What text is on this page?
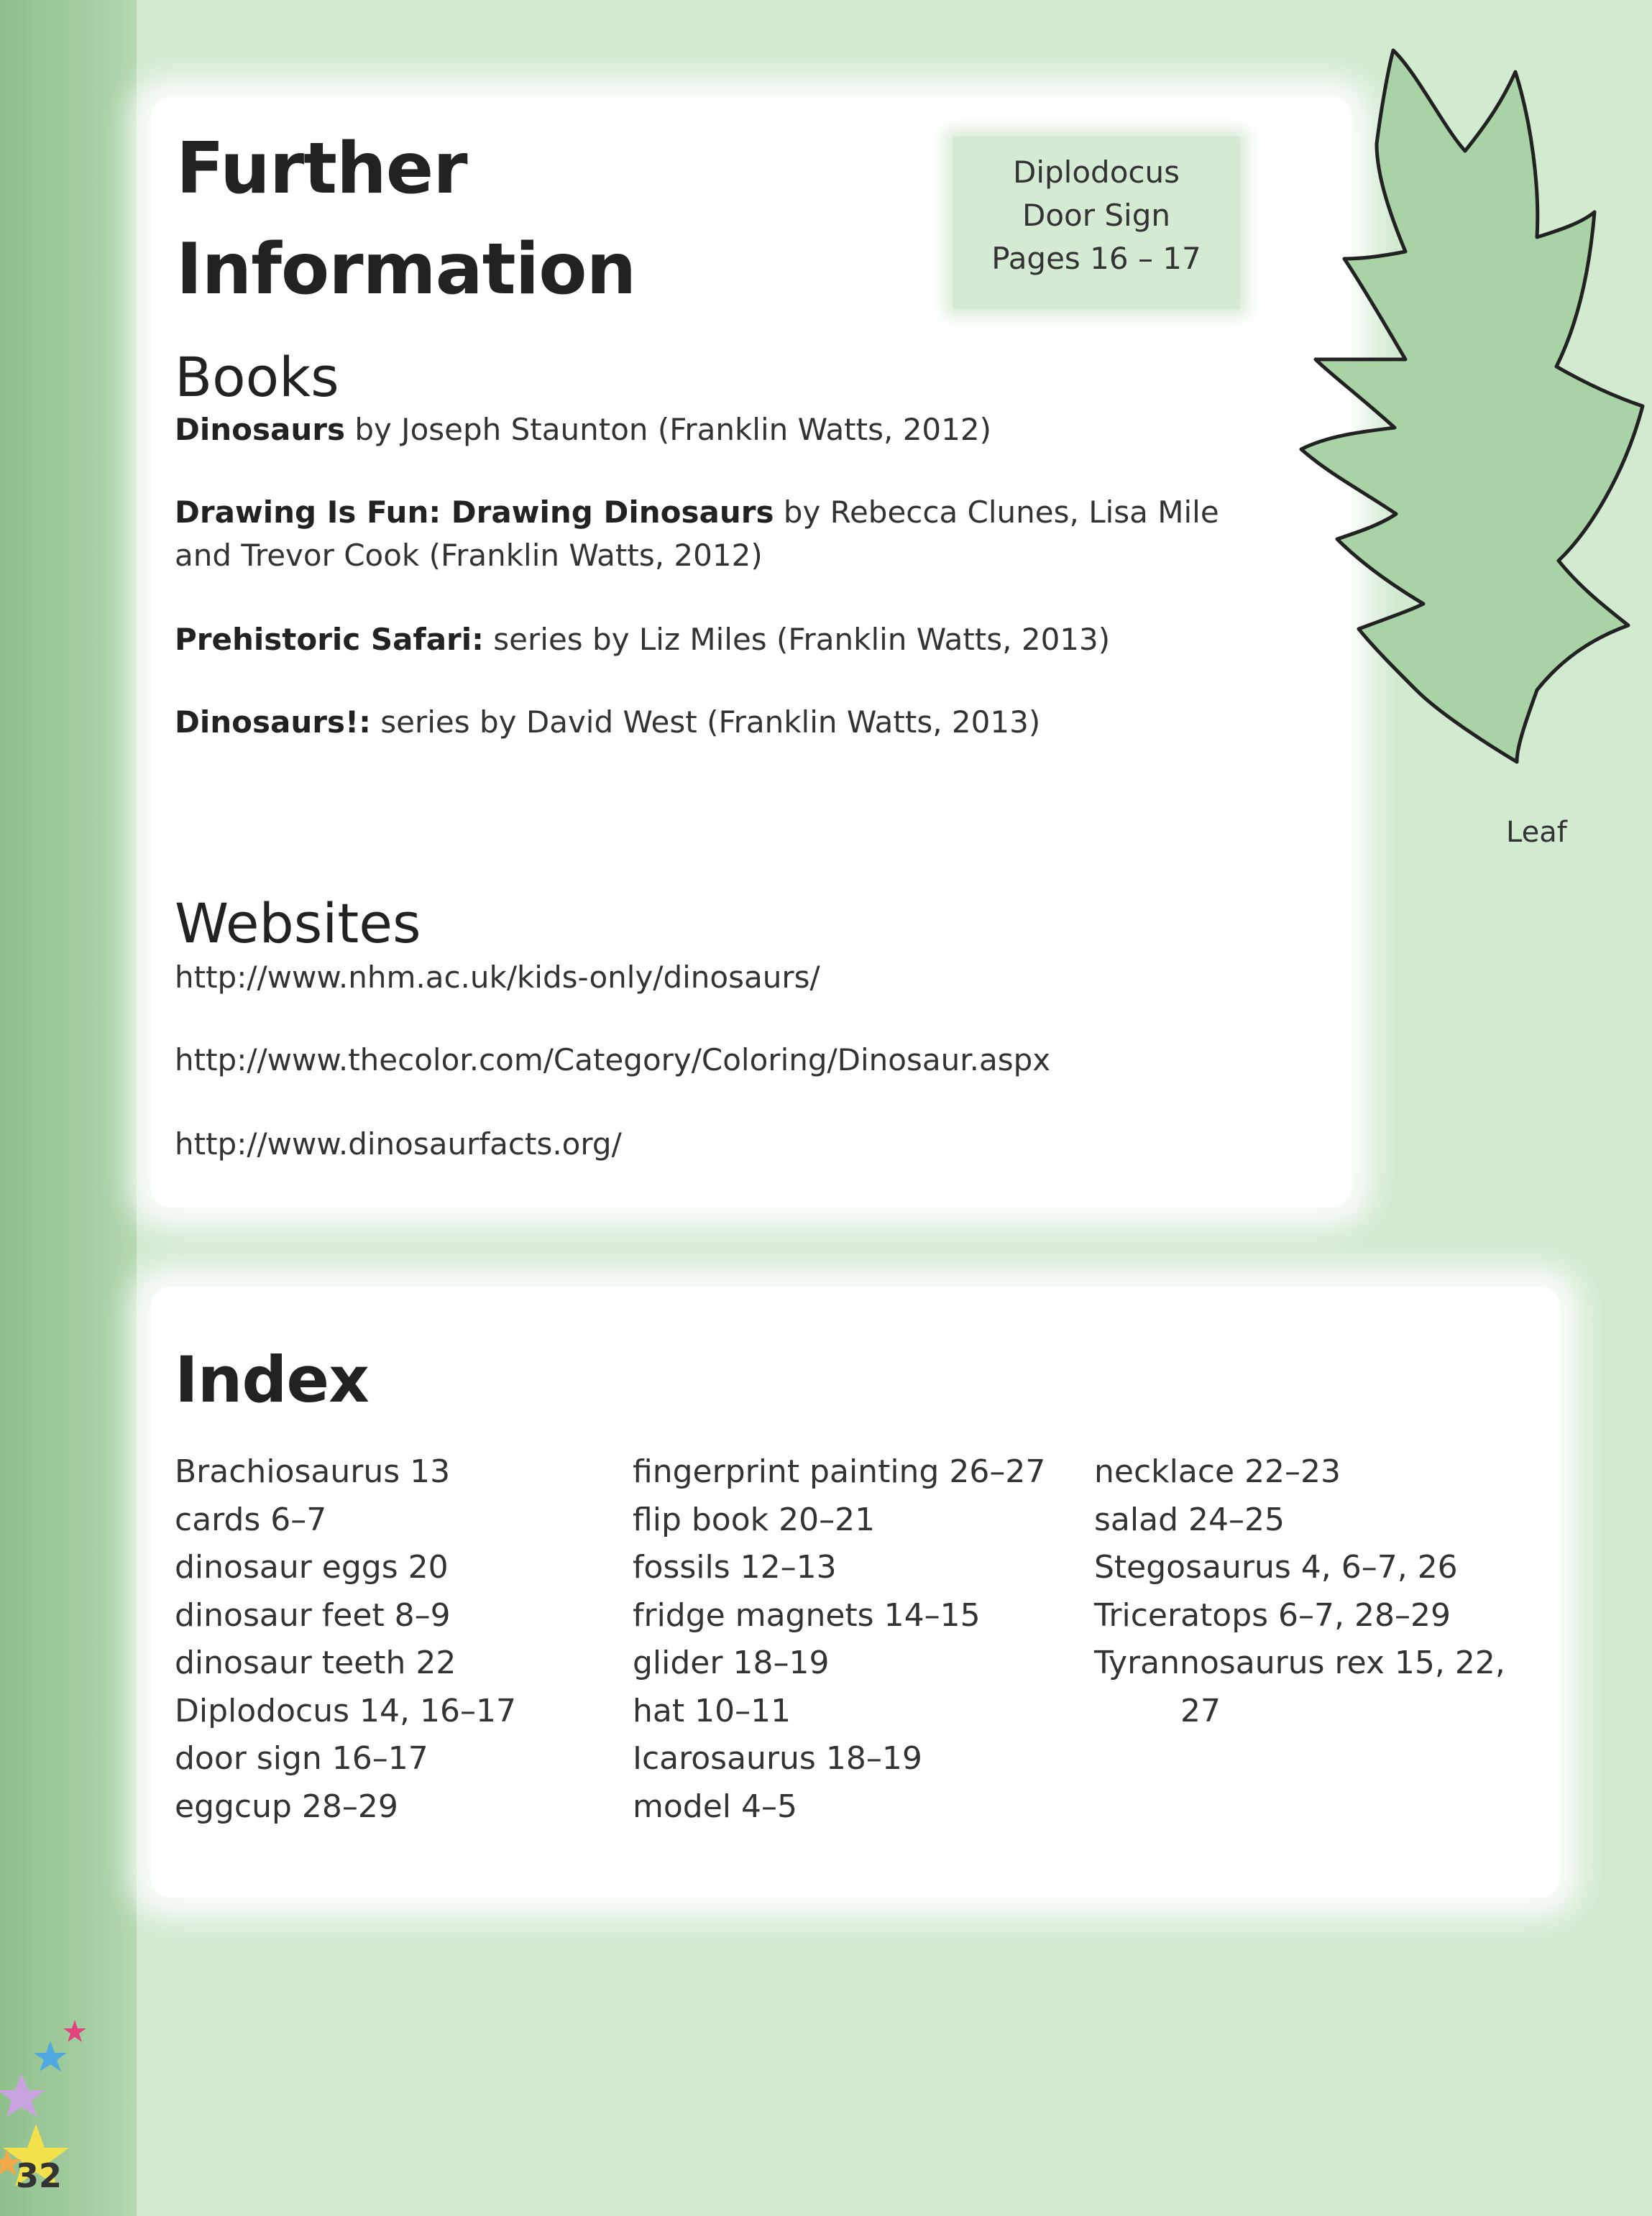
Further
Information
Diplodocus
Door Sign
Pages 16 – 17
Leaf
Books
Dinosaurs by Joseph Staunton (Franklin Watts, 2012)
Drawing Is Fun: Drawing Dinosaurs by Rebecca Clunes, Lisa Mile and Trevor Cook (Franklin Watts, 2012)
Prehistoric Safari: series by Liz Miles (Franklin Watts, 2013)
Dinosaurs!: series by David West (Franklin Watts, 2013)
Websites
http://www.nhm.ac.uk/kids-only/dinosaurs/
http://www.thecolor.com/Category/Coloring/Dinosaur.aspx
http://www.dinosaurfacts.org/
Index
Brachiosaurus 13
cards 6–7
dinosaur eggs 20
dinosaur feet 8–9
dinosaur teeth 22
Diplodocus 14, 16–17
door sign 16–17
eggcup 28–29
fingerprint painting 26–27
flip book 20–21
fossils 12–13
fridge magnets 14–15
glider 18–19
hat 10–11
Icarosaurus 18–19
model 4–5
necklace 22–23
salad 24–25
Stegosaurus 4, 6–7, 26
Triceratops 6–7, 28–29
Tyrannosaurus rex 15, 22,
27
32
